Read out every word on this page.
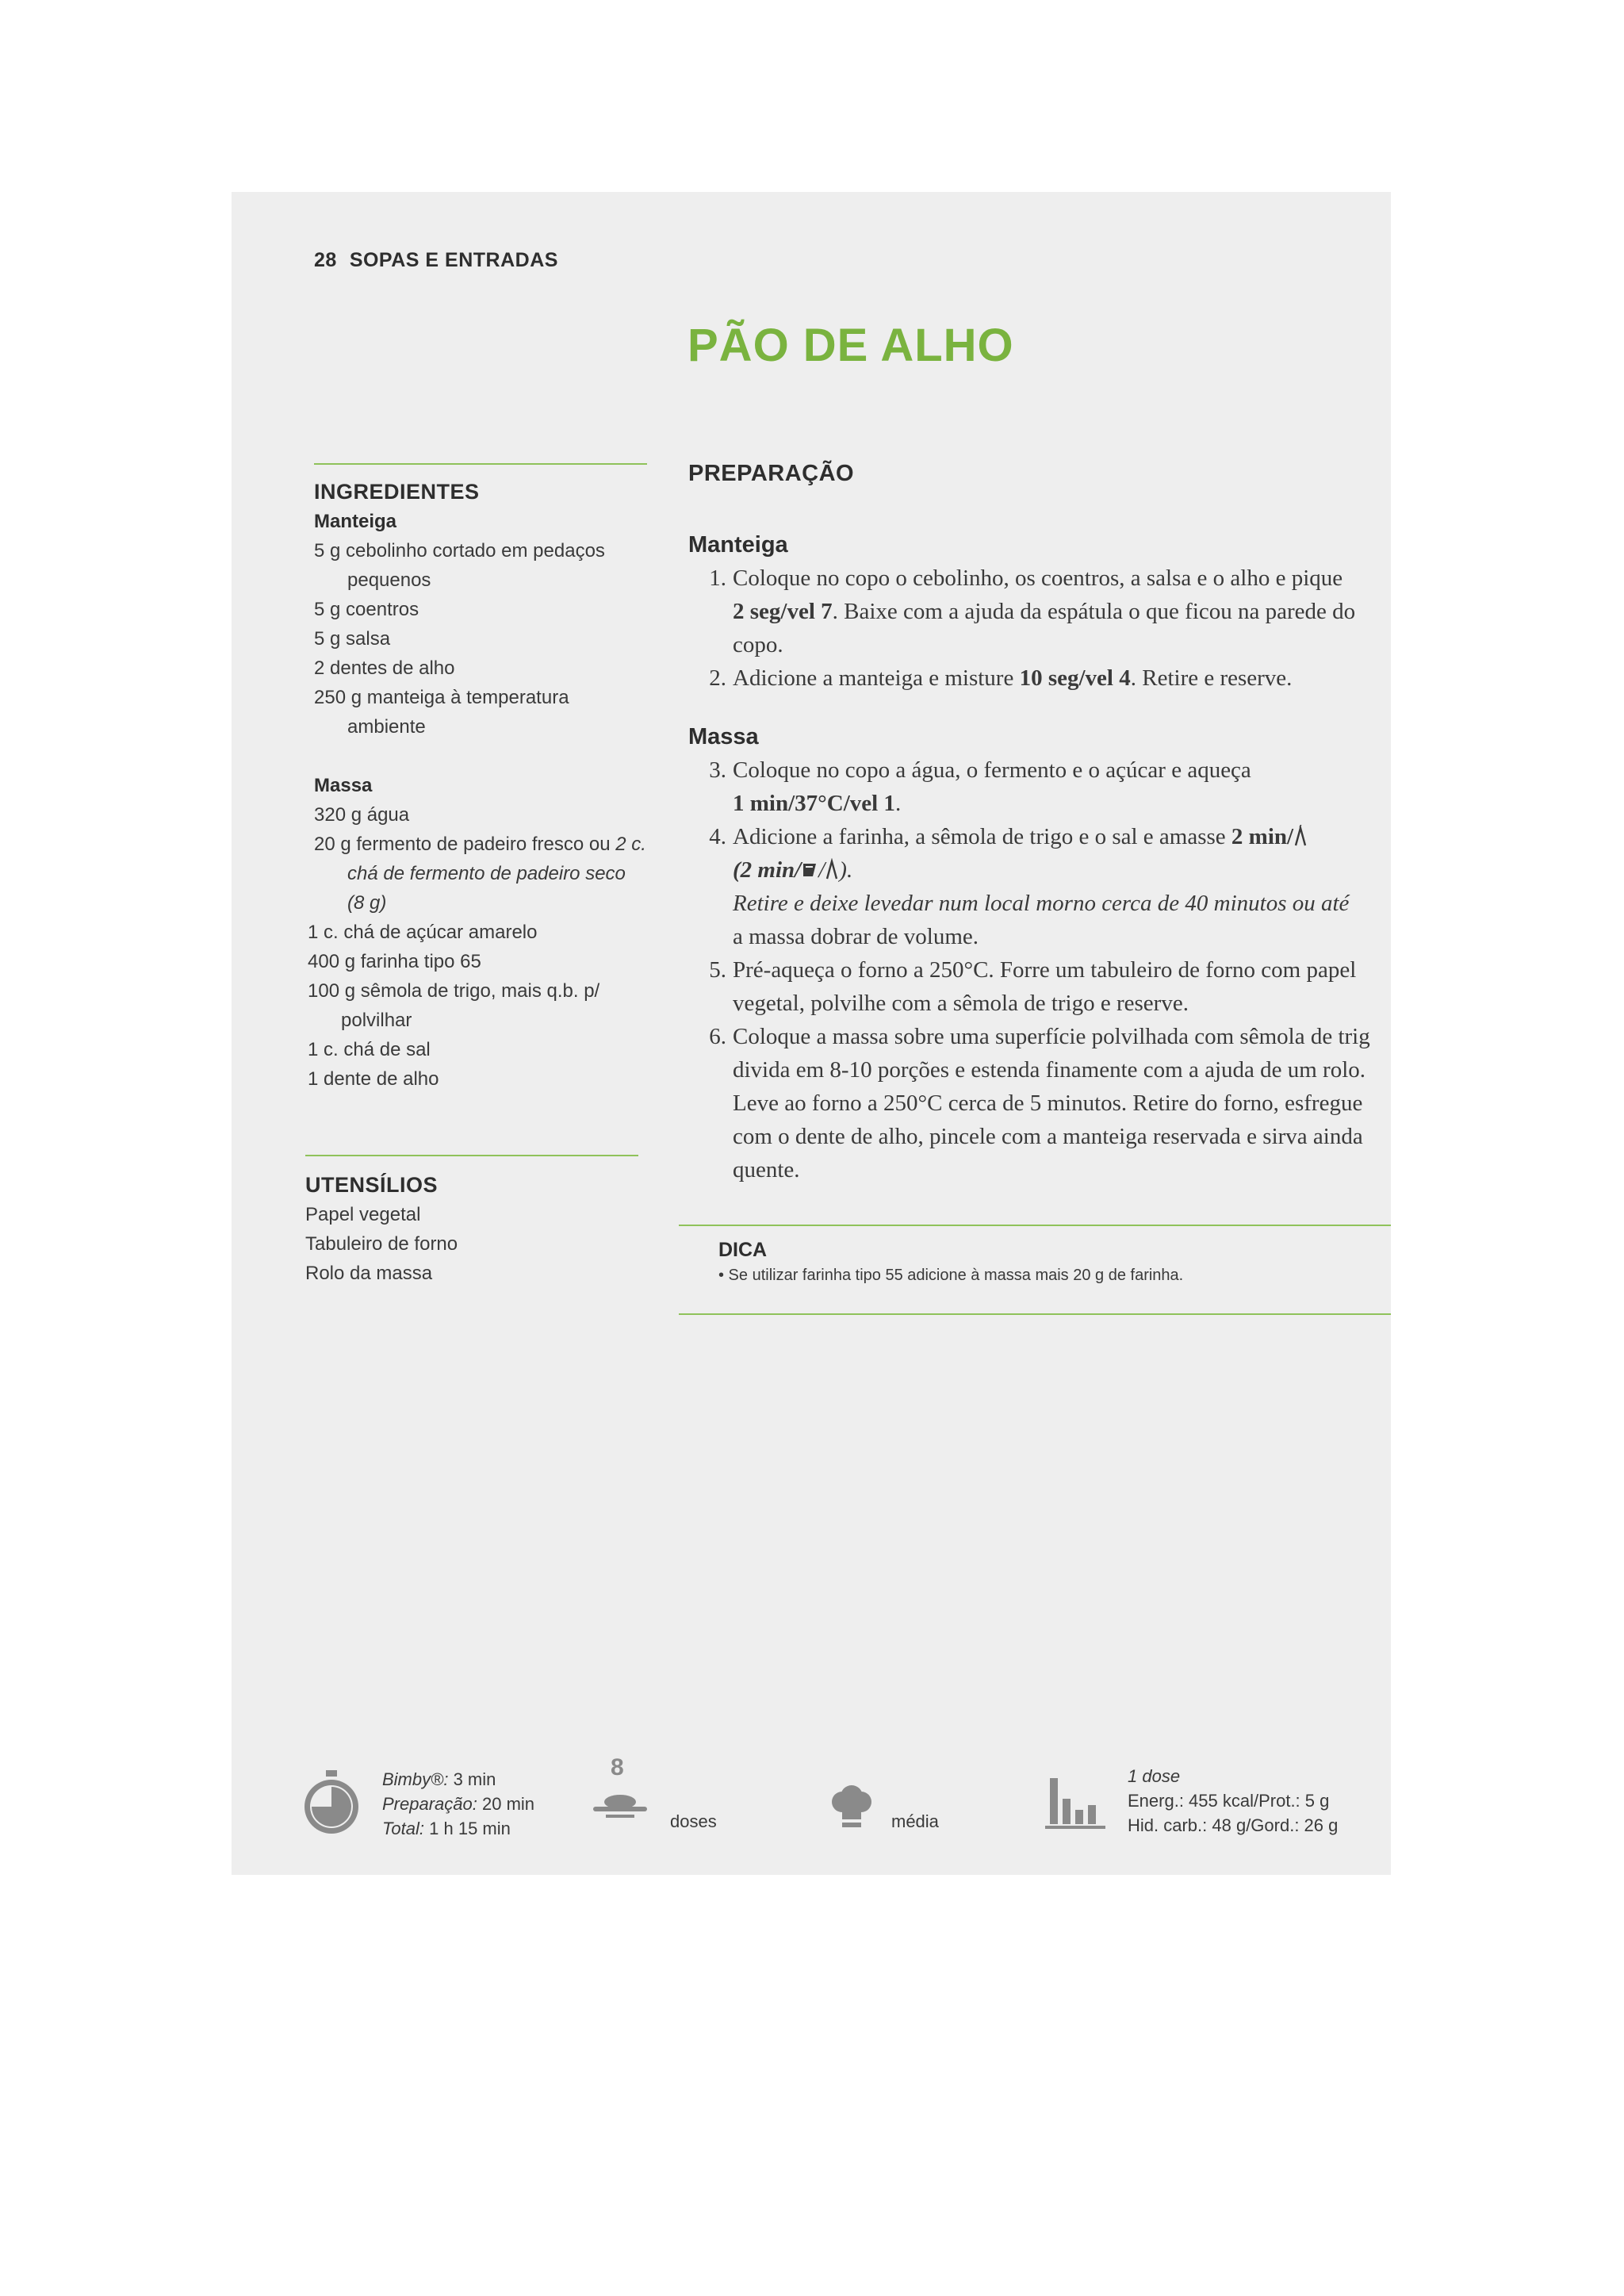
28 SOPAS E ENTRADAS
PÃO DE ALHO
INGREDIENTES
Manteiga
5 g cebolinho cortado em pedaços pequenos
5 g coentros
5 g salsa
2 dentes de alho
250 g manteiga à temperatura ambiente
Massa
320 g água
20 g fermento de padeiro fresco ou 2 c. chá de fermento de padeiro seco (8 g)
1 c. chá de açúcar amarelo
400 g farinha tipo 65
100 g sêmola de trigo, mais q.b. p/ polvilhar
1 c. chá de sal
1 dente de alho
UTENSÍLIOS
Papel vegetal
Tabuleiro de forno
Rolo da massa
PREPARAÇÃO
Manteiga
1. Coloque no copo o cebolinho, os coentros, a salsa e o alho e pique
2 seg/vel 7. Baixe com a ajuda da espátula o que ficou na parede do copo.
2. Adicione a manteiga e misture 10 seg/vel 4. Retire e reserve.
Massa
3. Coloque no copo a água, o fermento e o açúcar e aqueça
1 min/37°C/vel 1.
4. Adicione a farinha, a sêmola de trigo e o sal e amasse 2 min/
(2 min/ / ).
Retire e deixe levedar num local morno cerca de 40 minutos ou até
a massa dobrar de volume.
5. Pré-aqueça o forno a 250°C. Forre um tabuleiro de forno com papel vegetal, polvilhe com a sêmola de trigo e reserve.
6. Coloque a massa sobre uma superfície polvilhada com sêmola de trig divida em 8-10 porções e estenda finamente com a ajuda de um rolo. Leve ao forno a 250°C cerca de 5 minutos. Retire do forno, esfregue com o dente de alho, pincele com a manteiga reservada e sirva ainda quente.
DICA
• Se utilizar farinha tipo 55 adicione à massa mais 20 g de farinha.
Bimby®: 3 min
Preparação: 20 min
Total: 1 h 15 min
8
doses	média
1 dose
Energ.: 455 kcal/Prot.: 5 g
Hid. carb.: 48 g/Gord.: 26 g
